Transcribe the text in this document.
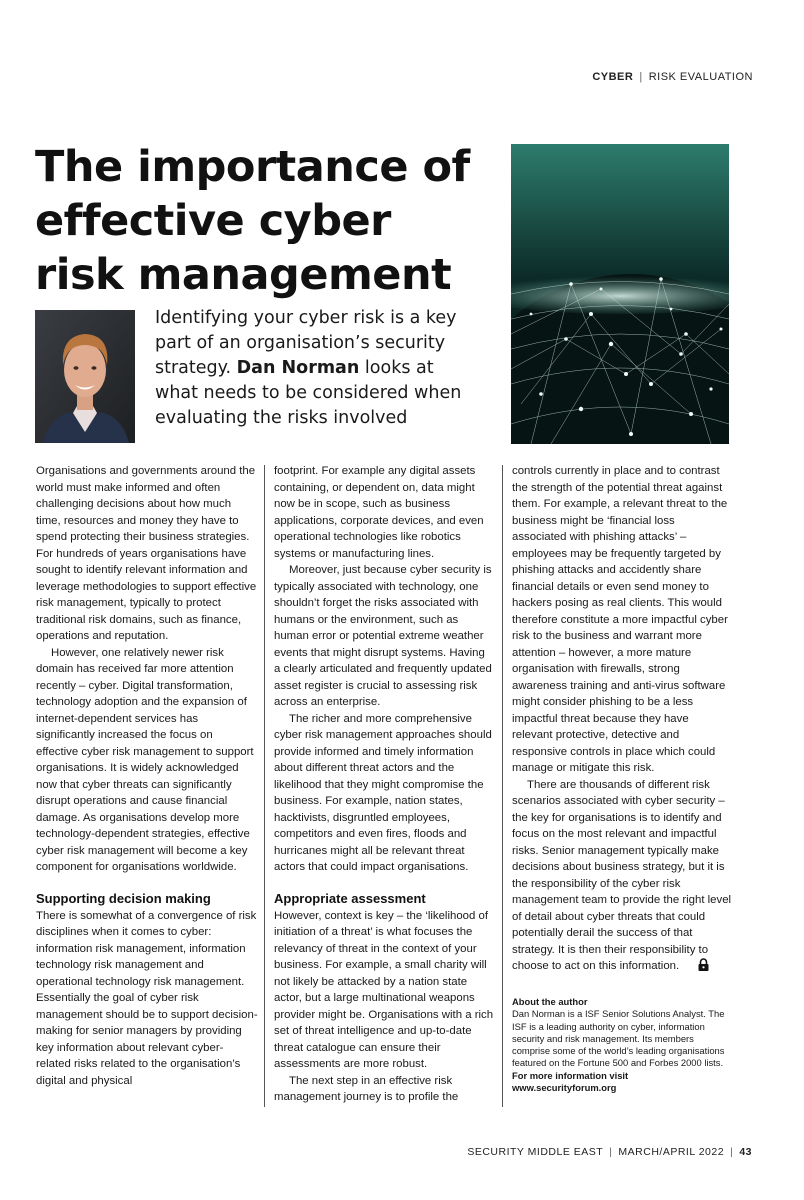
CYBER | RISK EVALUATION
The importance of effective cyber risk management

Identifying your cyber risk is a key part of an organisation’s security strategy. Dan Norman looks at what needs to be considered when evaluating the risks involved

Organisations and governments around the world must make informed and often challenging decisions about how much time, resources and money they have to spend protecting their business strategies. For hundreds of years organisations have sought to identify relevant information and leverage methodologies to support effective risk management, typically to protect traditional risk domains, such as finance, operations and reputation.

However, one relatively newer risk domain has received far more attention recently – cyber. Digital transformation, technology adoption and the expansion of internet-dependent services has significantly increased the focus on effective cyber risk management to support organisations. It is widely acknowledged now that cyber threats can significantly disrupt operations and cause financial damage. As organisations develop more technology-dependent strategies, effective cyber risk management will become a key component for organisations worldwide.

Supporting decision making

There is somewhat of a convergence of risk disciplines when it comes to cyber: information risk management, information technology risk management and operational technology risk management. Essentially the goal of cyber risk management should be to support decision-making for senior managers by providing key information about relevant cyber-related risks related to the organisation’s digital and physical

footprint. For example any digital assets containing, or dependent on, data might now be in scope, such as business applications, corporate devices, and even operational technologies like robotics systems or manufacturing lines.

Moreover, just because cyber security is typically associated with technology, one shouldn’t forget the risks associated with humans or the environment, such as human error or potential extreme weather events that might disrupt systems. Having a clearly articulated and frequently updated asset register is crucial to assessing risk across an enterprise.

The richer and more comprehensive cyber risk management approaches should provide informed and timely information about different threat actors and the likelihood that they might compromise the business. For example, nation states, hacktivists, disgruntled employees, competitors and even fires, floods and hurricanes might all be relevant threat actors that could impact organisations.

Appropriate assessment

However, context is key – the ‘likelihood of initiation of a threat’ is what focuses the relevancy of threat in the context of your business. For example, a small charity will not likely be attacked by a nation state actor, but a large multinational weapons provider might be. Organisations with a rich set of threat intelligence and up-to-date threat catalogue can ensure their assessments are more robust.

The next step in an effective risk management journey is to profile the

controls currently in place and to contrast the strength of the potential threat against them. For example, a relevant threat to the business might be ‘financial loss associated with phishing attacks’ – employees may be frequently targeted by phishing attacks and accidently share financial details or even send money to hackers posing as real clients. This would therefore constitute a more impactful cyber risk to the business and warrant more attention – however, a more mature organisation with firewalls, strong awareness training and anti-virus software might consider phishing to be a less impactful threat because they have relevant protective, detective and responsive controls in place which could manage or mitigate this risk.

There are thousands of different risk scenarios associated with cyber security – the key for organisations is to identify and focus on the most relevant and impactful risks. Senior management typically make decisions about business strategy, but it is the responsibility of the cyber risk management team to provide the right level of detail about cyber threats that could potentially derail the success of that strategy. It is then their responsibility to choose to act on this information.

About the author

Dan Norman is a ISF Senior Solutions Analyst. The ISF is a leading authority on cyber, information security and risk management. Its members comprise some of the world’s leading organisations featured on the Fortune 500 and Forbes 2000 lists. For more information visit www.securityforum.org

SECURITY MIDDLE EAST | MARCH/APRIL 2022 | 43
